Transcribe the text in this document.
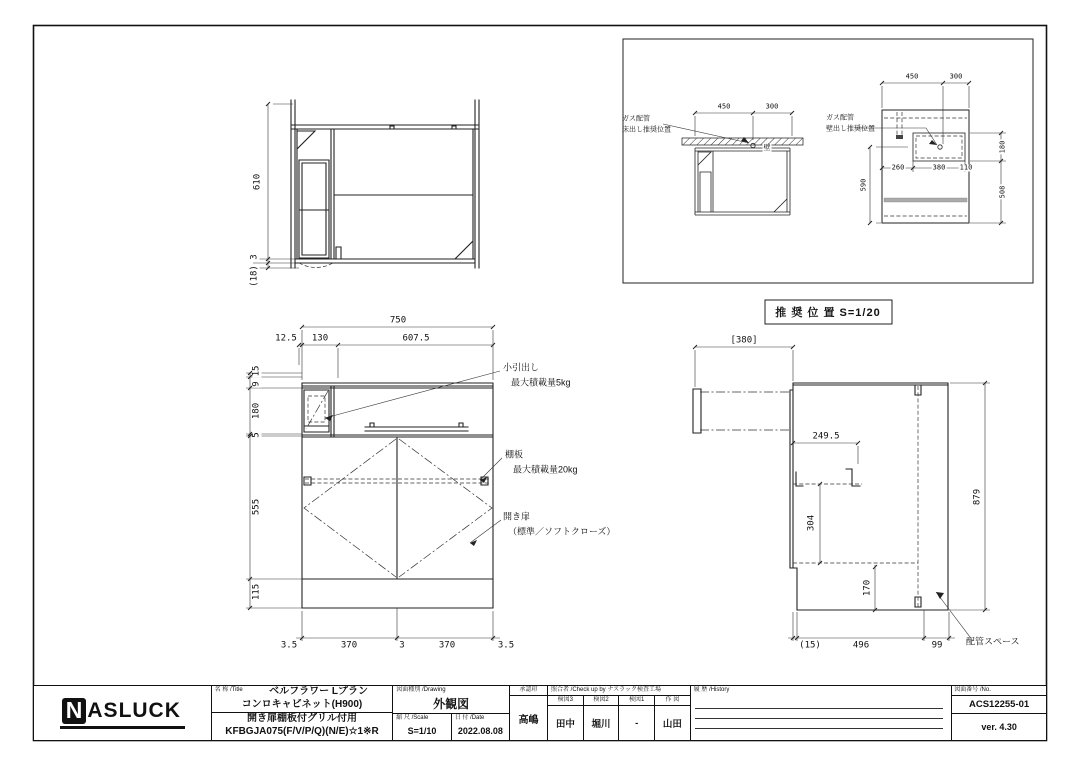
610
3
(18)
750
12.5 130	607.5
15
9
180
5
555
115
3.5	370	3	370	3.5
小引出し
最大積載量5kg
棚板
最大積載量20kg
開き扉
（標準／ソフトクローズ）
[380]
249.5
304
170
879
(15)	496	99	配管スペース
推 奨 位 置 S=1/20
450	300
ガス配管
床出し推奨位置
壁
450	300
ガス配管
壁出し推奨位置
260	380 110
180
508
590
N ASLUCK
名 称 /Title	ベルフラワー Lプラン
コンロキャビネット(H900)
開き扉棚板付グリル付用
KFBGJA075(F/V/P/Q)(N/E)☆1※R
図面種別 /Drawing
外観図
縮 尺 /Scale
S=1/10
日 付 /Date
2022.08.08
承認印
高嶋
照合者 /Check up by ナスラック検査工場
検図3
田中
検図2
堀川
検図1
-
作 図
山田
履 歴 /History	図面番号 /No.
ACS12255-01
ver. 4.30
